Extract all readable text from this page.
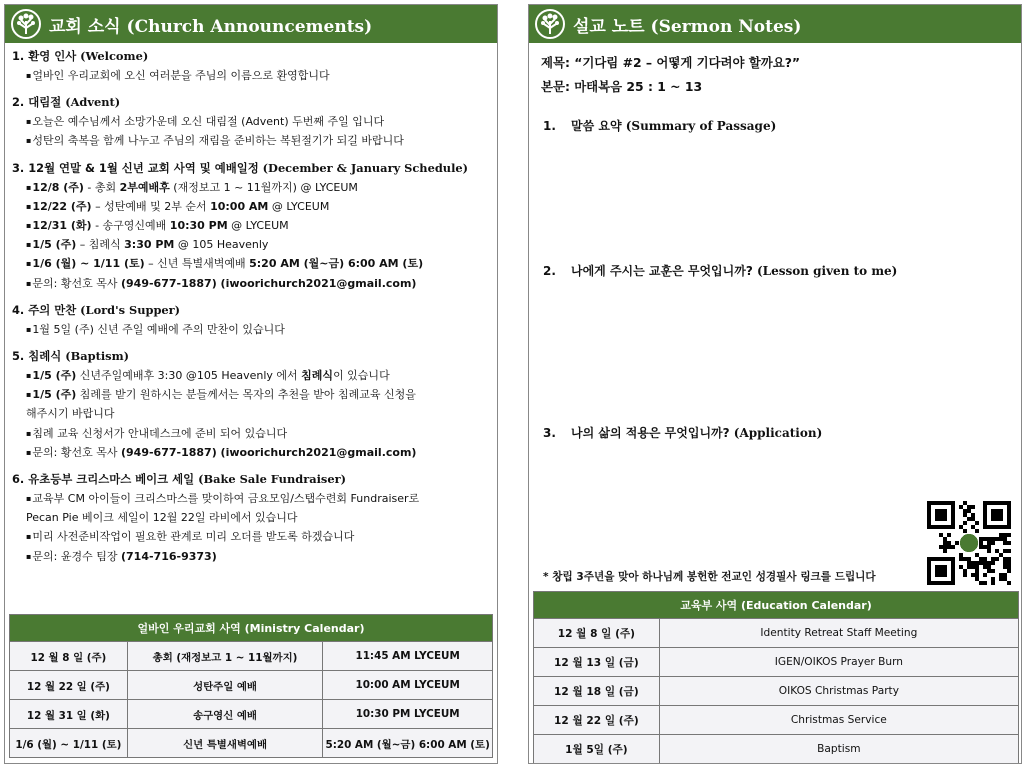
교회 소식 (Church Announcements)
1. 환영 인사 (Welcome)
▪ 얼바인 우리교회에 오신 여러분을 주님의 이름으로 환영합니다
2. 대림절 (Advent)
▪ 오늘은 예수님께서 소망가운데 오신 대림절 (Advent) 두번째 주일 입니다
▪ 성탄의 축복을 함께 나누고 주님의 재림을 준비하는 복된절기가 되길 바랍니다
3. 12월 연말 & 1월 신년 교회 사역 및 예배일정 (December & January Schedule)
▪ 12/8 (주) - 총회 2부예배후 (재정보고 1 ~ 11월까지) @ LYCEUM
▪ 12/22 (주) – 성탄예배 및 2부 순서 10:00 AM @ LYCEUM
▪ 12/31 (화) - 송구영신예배 10:30 PM @ LYCEUM
▪ 1/5 (주) – 침례식 3:30 PM @ 105 Heavenly
▪ 1/6 (월) ~ 1/11 (토) – 신년 특별새벽예배 5:20 AM (월~금) 6:00 AM (토)
▪ 문의: 황선호 목사 (949-677-1887) (iwoorichurch2021@gmail.com)
4. 주의 만찬 (Lord's Supper)
▪ 1월 5일 (주) 신년 주일 예배에 주의 만찬이 있습니다
5. 침례식 (Baptism)
▪ 1/5 (주) 신년주일예배후 3:30 @105 Heavenly 에서 침례식이 있습니다
▪ 1/5 (주) 침례를 받기 원하시는 분들께서는 목자의 추천을 받아 침례교육 신청을
해주시기 바랍니다
▪ 침례 교육 신청서가 안내데스크에 준비 되어 있습니다
▪ 문의: 황선호 목사 (949-677-1887) (iwoorichurch2021@gmail.com)
6. 유초등부 크리스마스 베이크 세일 (Bake Sale Fundraiser)
▪ 교육부 CM 아이들이 크리스마스를 맞이하여 금요모임/스탭수련회 Fundraiser로
Pecan Pie 베이크 세일이 12월 22일 라비에서 있습니다
▪ 미리 사전준비작업이 필요한 관계로 미리 오더를 받도록 하겠습니다
▪ 문의: 윤경수 팀장 (714-716-9373)
얼바인 우리교회 사역 (Ministry Calendar)		
12 월 8 일 (주)	총회 (재정보고 1 ~ 11월까지)	11:45 AM LYCEUM
12 월 22 일 (주)	성탄주일 예배	10:00 AM LYCEUM
12 월 31 일 (화)	송구영신 예배	10:30 PM LYCEUM
1/6 (월) ~ 1/11 (토)	신년 특별새벽예배	5:20 AM (월~금) 6:00 AM (토)
설교 노트 (Sermon Notes)
제목: “기다림 #2 – 어떻게 기다려야 할까요?”
본문: 마태복음 25 : 1 ~ 13
1. 말씀 요약 (Summary of Passage)
2. 나에게 주시는 교훈은 무엇입니까? (Lesson given to me)
3. 나의 삶의 적용은 무엇입니까? (Application)
* 창립 3주년을 맞아 하나님께 봉헌한 전교인 성경필사 링크를 드립니다
교육부 사역 (Education Calendar)	
12 월 8 일 (주)	Identity Retreat Staff Meeting
12 월 13 일 (금)	IGEN/OIKOS Prayer Burn
12 월 18 일 (금)	OIKOS Christmas Party
12 월 22 일 (주)	Christmas Service
1월 5일 (주)	Baptism
